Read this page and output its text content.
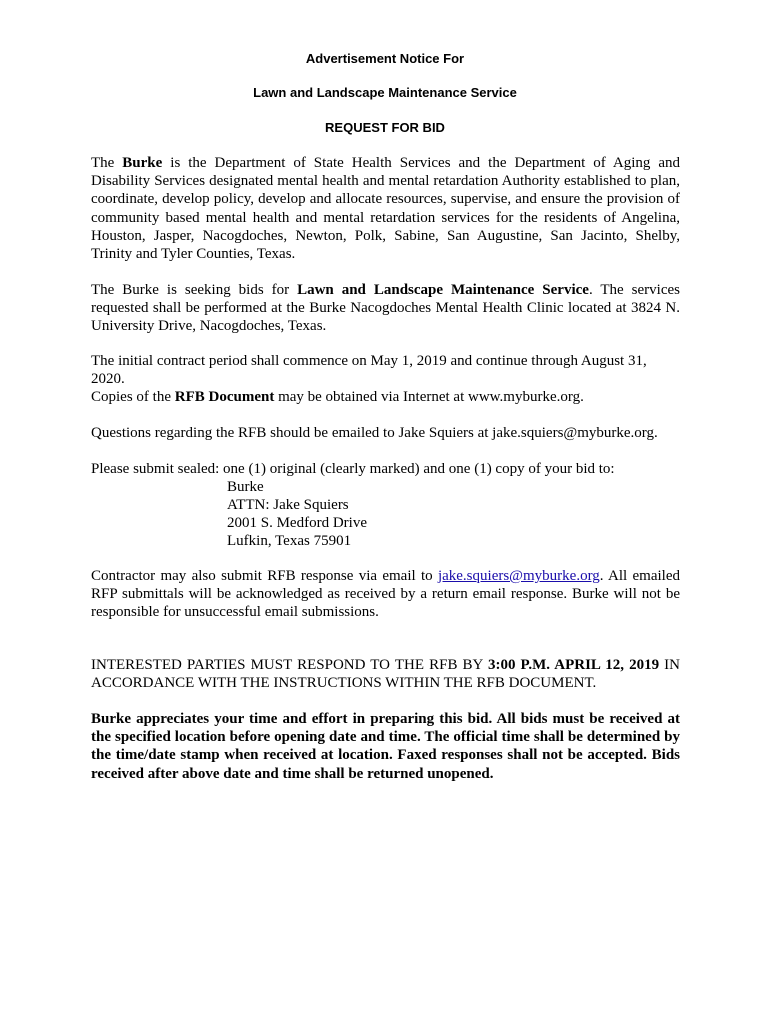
Advertisement Notice For
Lawn and Landscape Maintenance Service
REQUEST FOR BID

The Burke is the Department of State Health Services and the Department of Aging and Disability Services designated mental health and mental retardation Authority established to plan, coordinate, develop policy, develop and allocate resources, supervise, and ensure the provision of community based mental health and mental retardation services for the residents of Angelina, Houston, Jasper, Nacogdoches, Newton, Polk, Sabine, San Augustine, San Jacinto, Shelby, Trinity and Tyler Counties, Texas.

The Burke is seeking bids for Lawn and Landscape Maintenance Service. The services requested shall be performed at the Burke Nacogdoches Mental Health Clinic located at 3824 N. University Drive, Nacogdoches, Texas.

The initial contract period shall commence on May 1, 2019 and continue through August 31, 2020.

Copies of the RFB Document may be obtained via Internet at www.myburke.org.

Questions regarding the RFB should be emailed to Jake Squiers at jake.squiers@myburke.org.

Please submit sealed: one (1) original (clearly marked) and one (1) copy of your bid to:

Burke
ATTN: Jake Squiers
2001 S. Medford Drive
Lufkin, Texas 75901

Contractor may also submit RFB response via email to jake.squiers@myburke.org. All emailed RFP submittals will be acknowledged as received by a return email response. Burke will not be responsible for unsuccessful email submissions.

INTERESTED PARTIES MUST RESPOND TO THE RFB BY 3:00 P.M. APRIL 12, 2019 IN ACCORDANCE WITH THE INSTRUCTIONS WITHIN THE RFB DOCUMENT.

Burke appreciates your time and effort in preparing this bid. All bids must be received at the specified location before opening date and time. The official time shall be determined by the time/date stamp when received at location. Faxed responses shall not be accepted. Bids received after above date and time shall be returned unopened.
